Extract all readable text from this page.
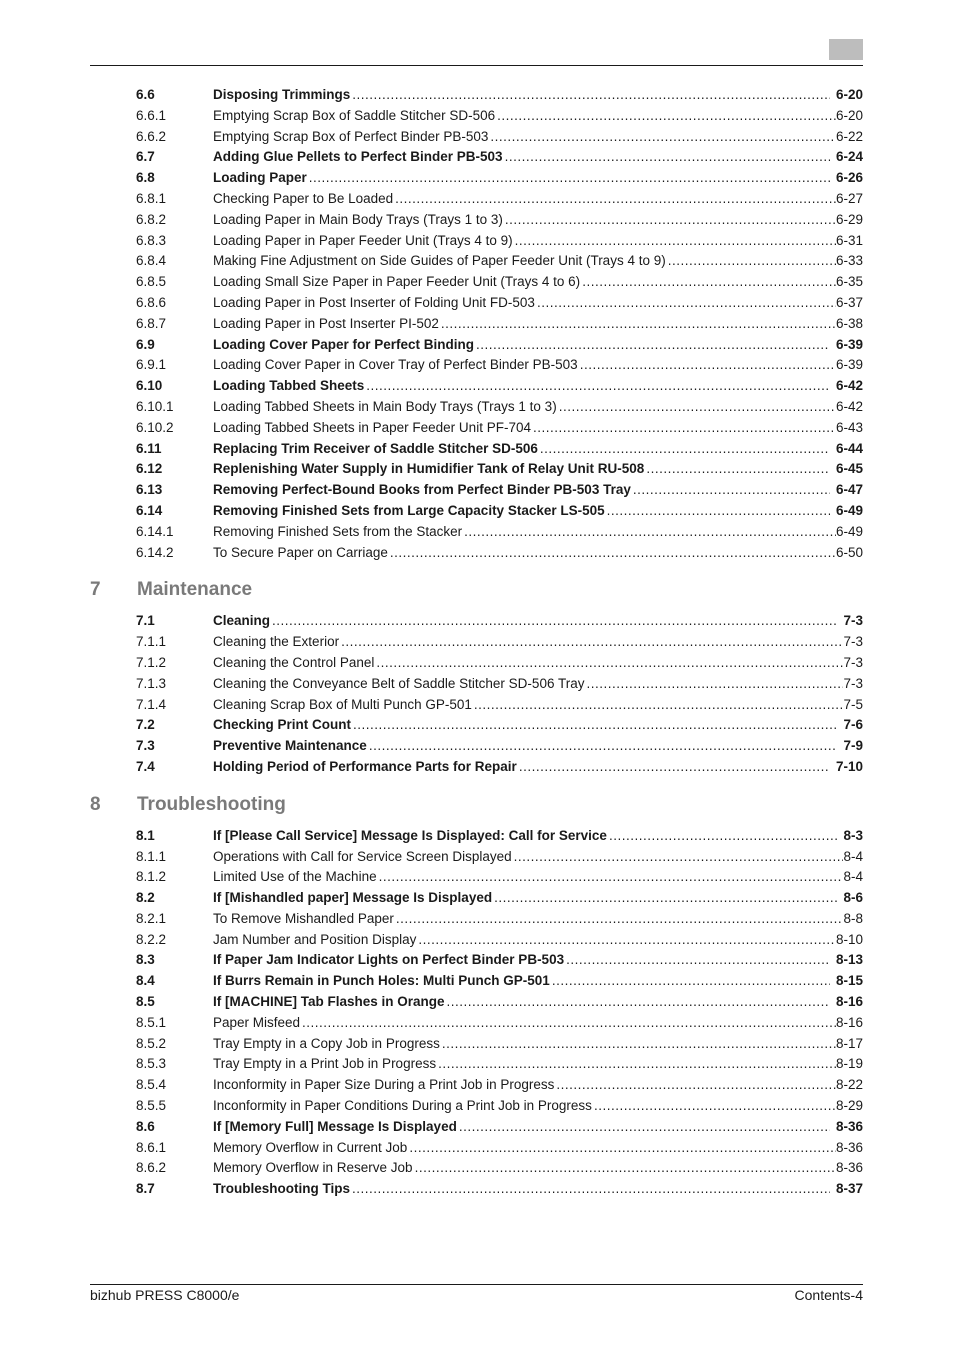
6.6	Disposing Trimmings .....	6-20
6.6.1	Emptying Scrap Box of Saddle Stitcher SD-506 .....	6-20
6.6.2	Emptying Scrap Box of Perfect Binder PB-503 .....	6-22
6.7	Adding Glue Pellets to Perfect Binder PB-503 .....	6-24
6.8	Loading Paper .....	6-26
6.8.1	Checking Paper to Be Loaded .....	6-27
6.8.2	Loading Paper in Main Body Trays (Trays 1 to 3) .....	6-29
6.8.3	Loading Paper in Paper Feeder Unit (Trays 4 to 9) .....	6-31
6.8.4	Making Fine Adjustment on Side Guides of Paper Feeder Unit (Trays 4 to 9) .....	6-33
6.8.5	Loading Small Size Paper in Paper Feeder Unit (Trays 4 to 6) .....	6-35
6.8.6	Loading Paper in Post Inserter of Folding Unit FD-503 .....	6-37
6.8.7	Loading Paper in Post Inserter PI-502 .....	6-38
6.9	Loading Cover Paper for Perfect Binding .....	6-39
6.9.1	Loading Cover Paper in Cover Tray of Perfect Binder PB-503 .....	6-39
6.10	Loading Tabbed Sheets .....	6-42
6.10.1	Loading Tabbed Sheets in Main Body Trays (Trays 1 to 3) .....	6-42
6.10.2	Loading Tabbed Sheets in Paper Feeder Unit PF-704 .....	6-43
6.11	Replacing Trim Receiver of Saddle Stitcher SD-506 .....	6-44
6.12	Replenishing Water Supply in Humidifier Tank of Relay Unit RU-508 .....	6-45
6.13	Removing Perfect-Bound Books from Perfect Binder PB-503 Tray .....	6-47
6.14	Removing Finished Sets from Large Capacity Stacker LS-505 .....	6-49
6.14.1	Removing Finished Sets from the Stacker .....	6-49
6.14.2	To Secure Paper on Carriage .....	6-50
7 Maintenance
7.1	Cleaning .....	7-3
7.1.1	Cleaning the Exterior .....	7-3
7.1.2	Cleaning the Control Panel .....	7-3
7.1.3	Cleaning the Conveyance Belt of Saddle Stitcher SD-506 Tray .....	7-3
7.1.4	Cleaning Scrap Box of Multi Punch GP-501 .....	7-5
7.2	Checking Print Count .....	7-6
7.3	Preventive Maintenance .....	7-9
7.4	Holding Period of Performance Parts for Repair .....	7-10
8 Troubleshooting
8.1	If [Please Call Service] Message Is Displayed: Call for Service .....	8-3
8.1.1	Operations with Call for Service Screen Displayed .....	8-4
8.1.2	Limited Use of the Machine .....	8-4
8.2	If [Mishandled paper] Message Is Displayed .....	8-6
8.2.1	To Remove Mishandled Paper .....	8-8
8.2.2	Jam Number and Position Display .....	8-10
8.3	If Paper Jam Indicator Lights on Perfect Binder PB-503 .....	8-13
8.4	If Burrs Remain in Punch Holes: Multi Punch GP-501 .....	8-15
8.5	If [MACHINE] Tab Flashes in Orange .....	8-16
8.5.1	Paper Misfeed .....	8-16
8.5.2	Tray Empty in a Copy Job in Progress .....	8-17
8.5.3	Tray Empty in a Print Job in Progress .....	8-19
8.5.4	Inconformity in Paper Size During a Print Job in Progress .....	8-22
8.5.5	Inconformity in Paper Conditions During a Print Job in Progress .....	8-29
8.6	If [Memory Full] Message Is Displayed .....	8-36
8.6.1	Memory Overflow in Current Job .....	8-36
8.6.2	Memory Overflow in Reserve Job .....	8-36
8.7	Troubleshooting Tips .....	8-37
bizhub PRESS C8000/e	Contents-4
